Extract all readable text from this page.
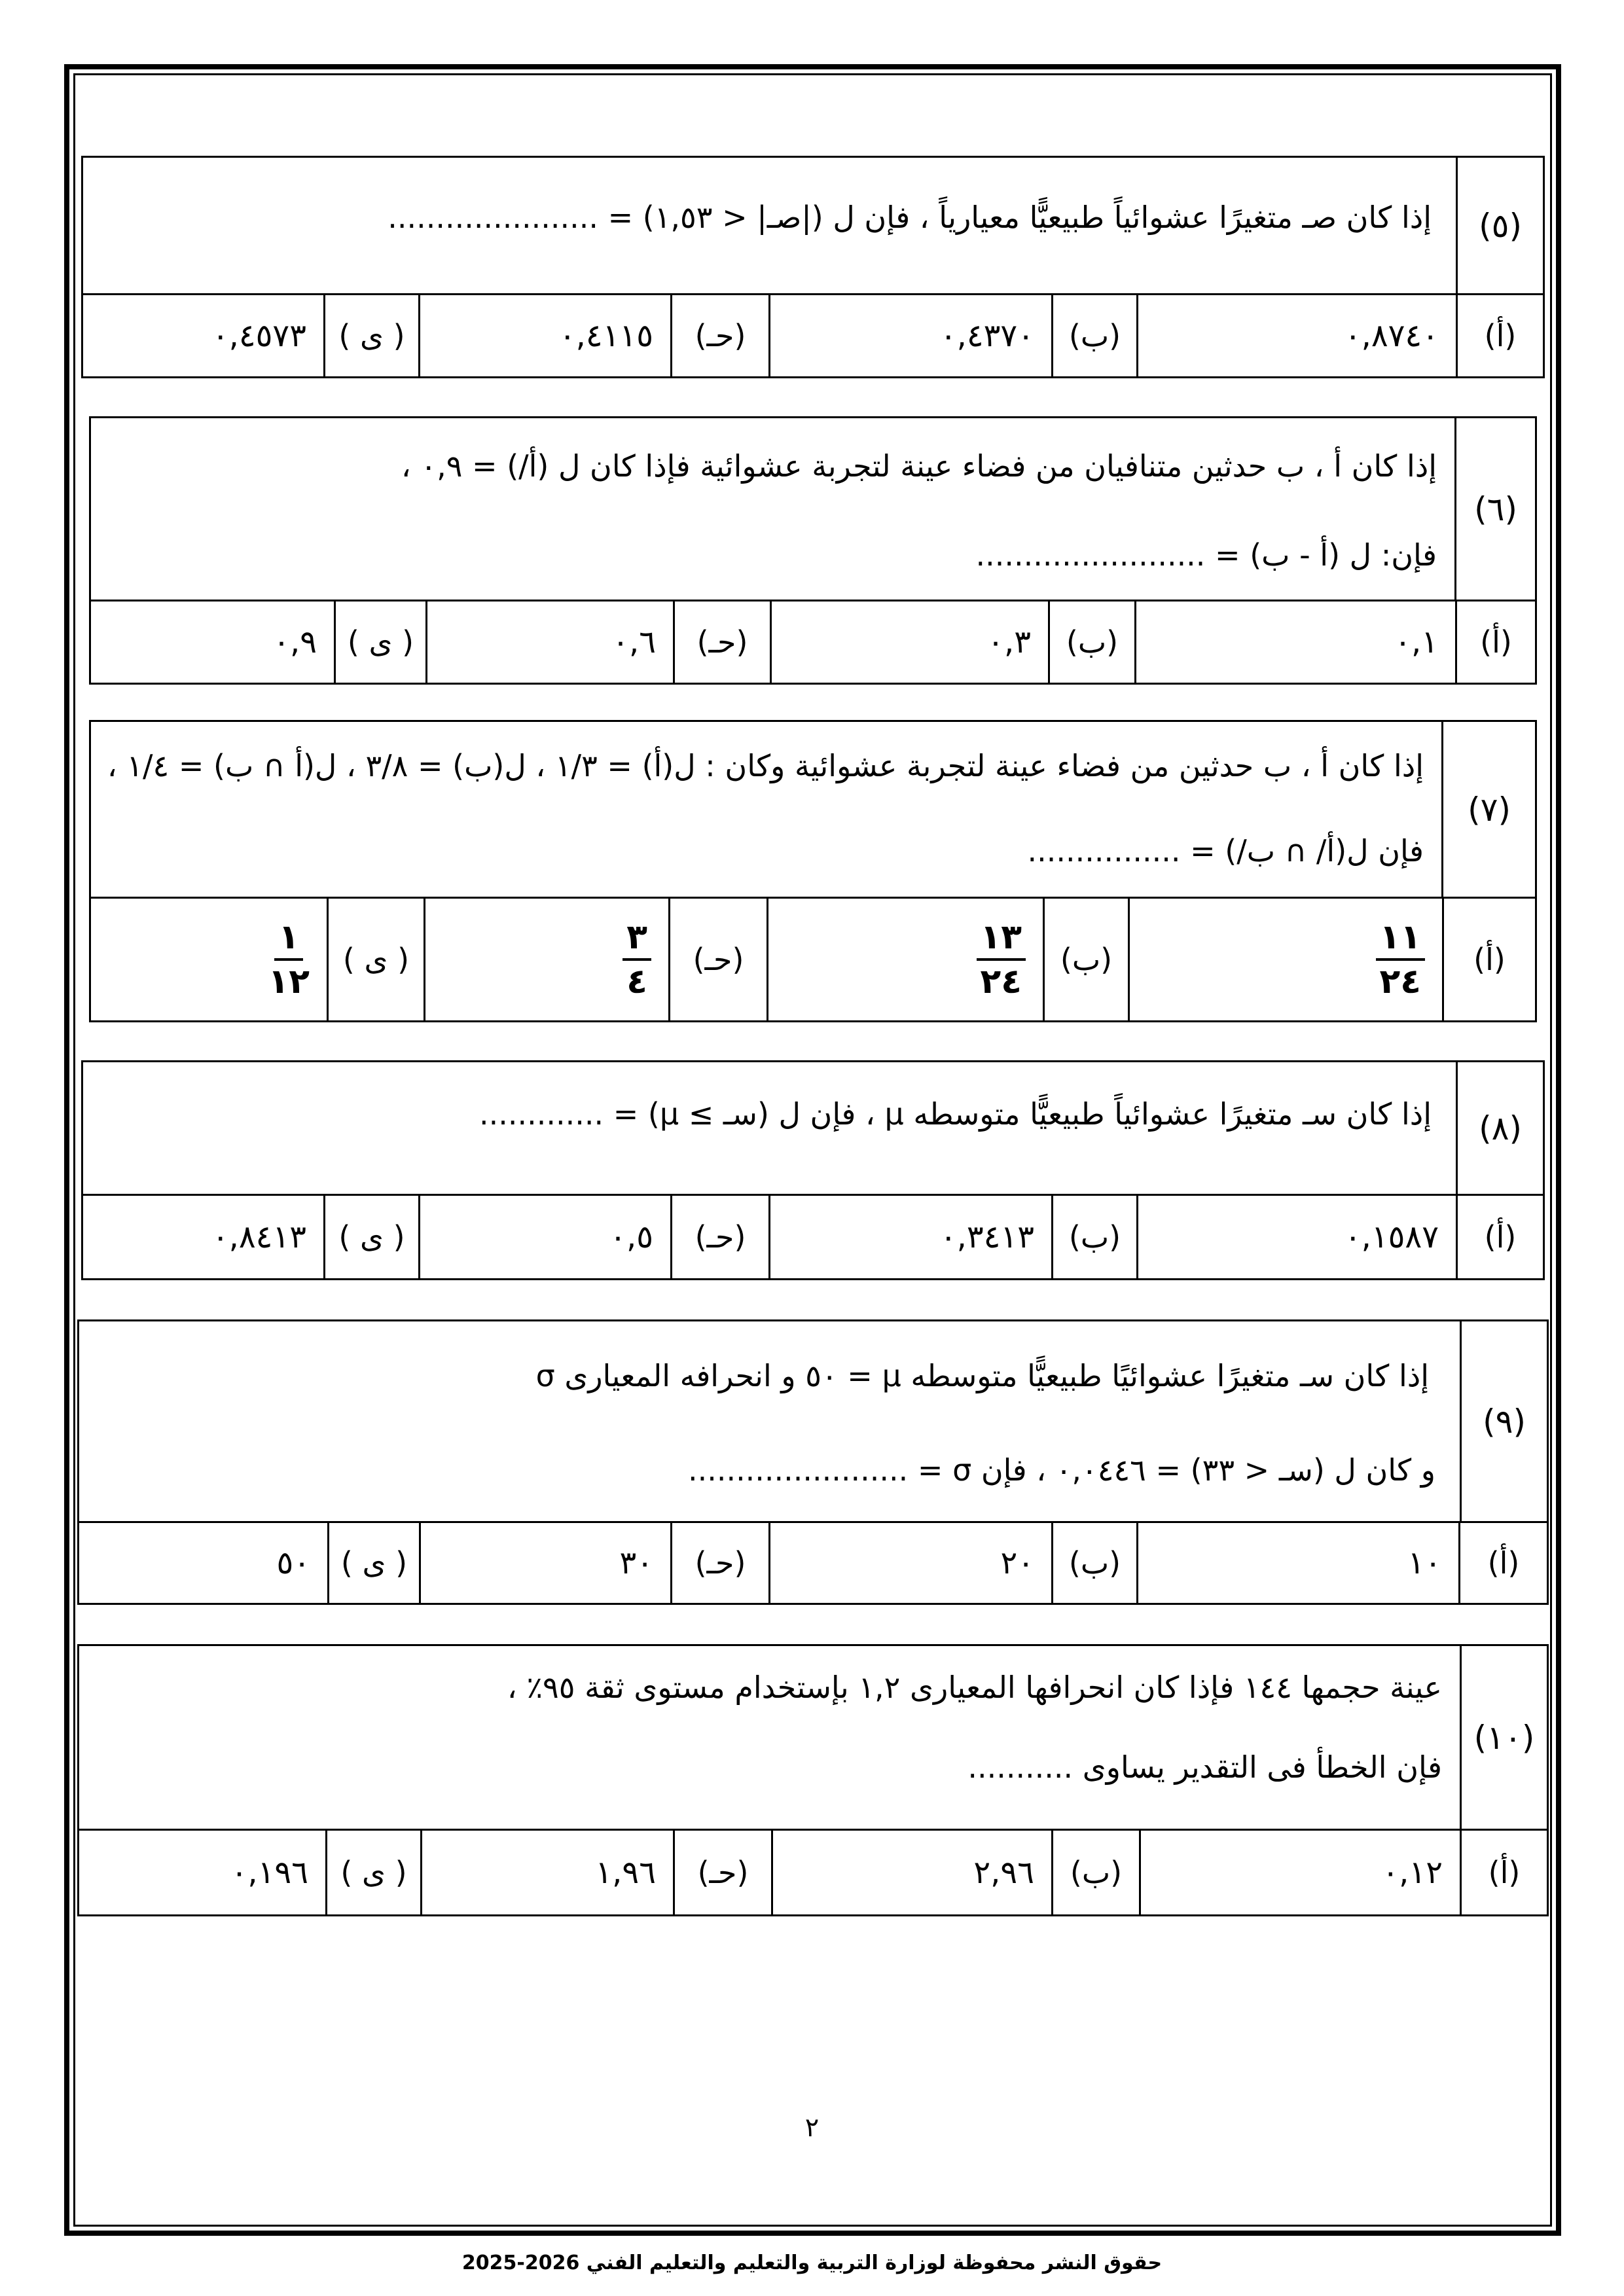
(٥)
إذا كان صـ متغيرًا عشوائياً طبيعيًّا معيارياً ، فإن ل (|صـ| < ١,٥٣) = ......................
(أ)
٠,٨٧٤٠
(ب)
٠,٤٣٧٠
(حـ)
٠,٤١١٥
( ى )
٠,٤٥٧٣
(٦)
إذا كان أ ، ب حدثين متنافيان من فضاء عينة لتجربة عشوائية فإذا كان ل (أ/) = ٠,٩ ،
فإن: ل (أ - ب) = ........................
(أ)
٠,١
(ب)
٠,٣
(حـ)
٠,٦
( ى )
٠,٩
(٧)
إذا كان أ ، ب حدثين من فضاء عينة لتجربة عشوائية وكان : ل(أ) = ١/٣ ، ل(ب) = ٣/٨ ، ل(أ ∩ ب) = ١/٤ ،
فإن ل(أ/ ∩ ب/) = ................
(أ)
$\frac{١١}{٢٤}$
(ب)
$\frac{١٣}{٢٤}$
(حـ)
$\frac{٣}{٤}$
( ى )
$\frac{١}{١٢}$
(٨)
إذا كان سـ متغيرًا عشوائياً طبيعيًّا متوسطه μ ، فإن ل (سـ ≥ μ) = .............
(أ)
٠,١٥٨٧
(ب)
٠,٣٤١٣
(حـ)
٠,٥
( ى )
٠,٨٤١٣
(٩)
إذا كان سـ متغيرًا عشوائيًا طبيعيًّا متوسطه μ = ٥٠ و انحرافه المعيارى σ
و كان ل (سـ < ٣٣) = ٠,٠٤٤٦ ، فإن σ = .......................
(أ)
١٠
(ب)
٢٠
(حـ)
٣٠
( ى )
٥٠
(١٠)
عينة حجمها ١٤٤ فإذا كان انحرافها المعيارى ١,٢ بإستخدام مستوى ثقة ٩٥٪ ،
فإن الخطأ فى التقدير يساوى ...........
(أ)
٠,١٢
(ب)
٢,٩٦
(حـ)
١,٩٦
( ى )
٠,١٩٦
٢
حقوق النشر محفوظة لوزارة التربية والتعليم والتعليم الفني 2026-2025
